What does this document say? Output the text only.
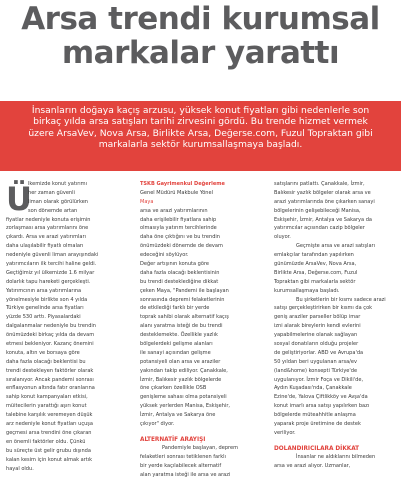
Arsa trendi kurumsal
markalar yarattı
İnsanların doğaya kaçış arzusu, yüksek konut fiyatları gibi nedenlerle son
birkaç yılda arsa satışları tarihi zirvesini gördü. Bu trende hizmet vermek
üzere ArsaVev, Nova Arsa, Birlikte Arsa, Değerse.com, Fuzul Topraktan gibi
markalarla sektör kurumsallaşmaya başladı.
Ü
lkemizde konut yatırımı
her zaman güvenli
liman olarak görülürken
son dönemde artan
fiyatlar nedeniyle konuta erişimin
zorlaşması arsa yatırımlarını öne
çıkardı. Arsa ve arazi yatırımları
daha ulaşılabilir fiyatlı olmaları
nedeniyle güvenli liman arayışındaki
yatırımcıların ilk tercihi haline geldi.
Geçtiğimiz yıl ülkemizde 1.6 milyar
dolarlık tapu hareketi gerçekleşti.
Yatırımcının arsa yatırımlarına
yönelmesiyle birlikte son 4 yılda
Türkiye genelinde arsa fiyatları
yüzde 530 arttı. Piyasalardaki
dalgalanmalar nedeniyle bu trendin
önümüzdeki birkaç yılda da devam
etmesi bekleniyor. Kazanç önemini
konuta, altın ve borsaya göre
daha fazla olacağı beklentisi bu
trendi destekleyen faktörler olarak
sıralanıyor. Ancak pandemi sonrası
enflasyonun altında fatır oranlarına
sahip konut kampanyaları etkisi,
müitecilerin yarattığı aşırı konut
talebine karşılık veremeyen düşük
arz nedeniyle konut fiyatları uçuşa
geçmesi arsa trendini öne çıkaran
en önemli faktörler oldu. Çünkü
bu süreçte üst gelir grubu dışında
kalan kesim için konut almak artık
hayal oldu.
TSKB Gayrimenkul Değerleme
Genel Müdürü Makbule Yönel
Maya
arsa ve arazi yatırımlarının
daha erişilebilir fiyatlara sahip
olmasıyla yatırım tercihlerinde
daha öne çıktığını ve bu trendin
önümüzdeki dönemde de devam
edeceğini söylüyor.
Değer artışının konuta göre
daha fazla olacağı beklentisinin
bu trendi desteklediğine dikkat
çeken Maya, "Pandemi ile başlayan
sonrasında depremi felaketlerinin
de etkilediği farklı bir yerde
toprak sahibi olarak alternatif kaçış
alanı yaratma isteği de bu trendi
desteklemekte. Özellikle yazlık
bölgelerdeki gelişme alanları
ile sanayi açısından gelişme
potansiyeli olan arsa ve araziler
yakından takip ediliyor. Çanakkale,
İzmir, Balıkesir yazlık bölgelerde
öne çıkarken özellikle OSB
genişleme sahası olma potansiyeli
yüksek yerlerden Manisa, Eskişehir,
İzmir, Antalya ve Sakarya öne
çıkıyor" diyor.
ALTERNATİF ARAYIŞI
Pandemiyle başlayan, deprem
felaketleri sonrası tetiklenen farklı
bir yerde kaçılabilecek alternatif
alan yaratma isteği ile arsa ve arazi
satışlarını patlattı. Çanakkale, İzmir,
Balıkesir yazlık bölgeler olarak arsa ve
arazi yatırımlarında öne çıkarken sanayi
bölgelerinin gelişebileceği Manisa,
Eskişehir, İzmir, Antalya ve Sakarya da
yatırımcılar açısından cazip bölgeler
oluyor.
Geçmişte arsa ve arazi satışları
emlakçılar tarafından yapılırken
günümüzde ArsaVev, Nova Arsa,
Birlikte Arsa, Değerse.com, Fuzul
Topraktan gibi markalarla sektör
kurumsallaşmaya başladı.
Bu şirketlerin bir kısmı sadece arazi
satışı gerçekleştirirken bir kısmı da çok
geniş araziler parseller bölüp imar
izni alarak bireylerin kendi evlerini
yapabilmelerine olanak sağlayan
sosyal donatıların olduğu projeler
de geliştiriyorlar. ABD ve Avrupa'da
50 yıldan beri uygulanan arsa/ev
(land&home) konsepti Türkiye'de
uygulanıyor. İzmir Foça ve Dikili'de,
Aydın Kuşadası'nda, Çanakkale
Ezine'de, Yalova Çiftlikköy ve Avşa'da
konut imarlı arsa satışı yapılırken bazı
bölgelerde müteahhitle anlaşma
yaparak proje üretimine de destek
veriliyor.
DOLANDIRICILARA DİKKAT
İnsanlar ne aldıklarını bilmeden
arsa ve arazi alıyor. Uzmanlar,
